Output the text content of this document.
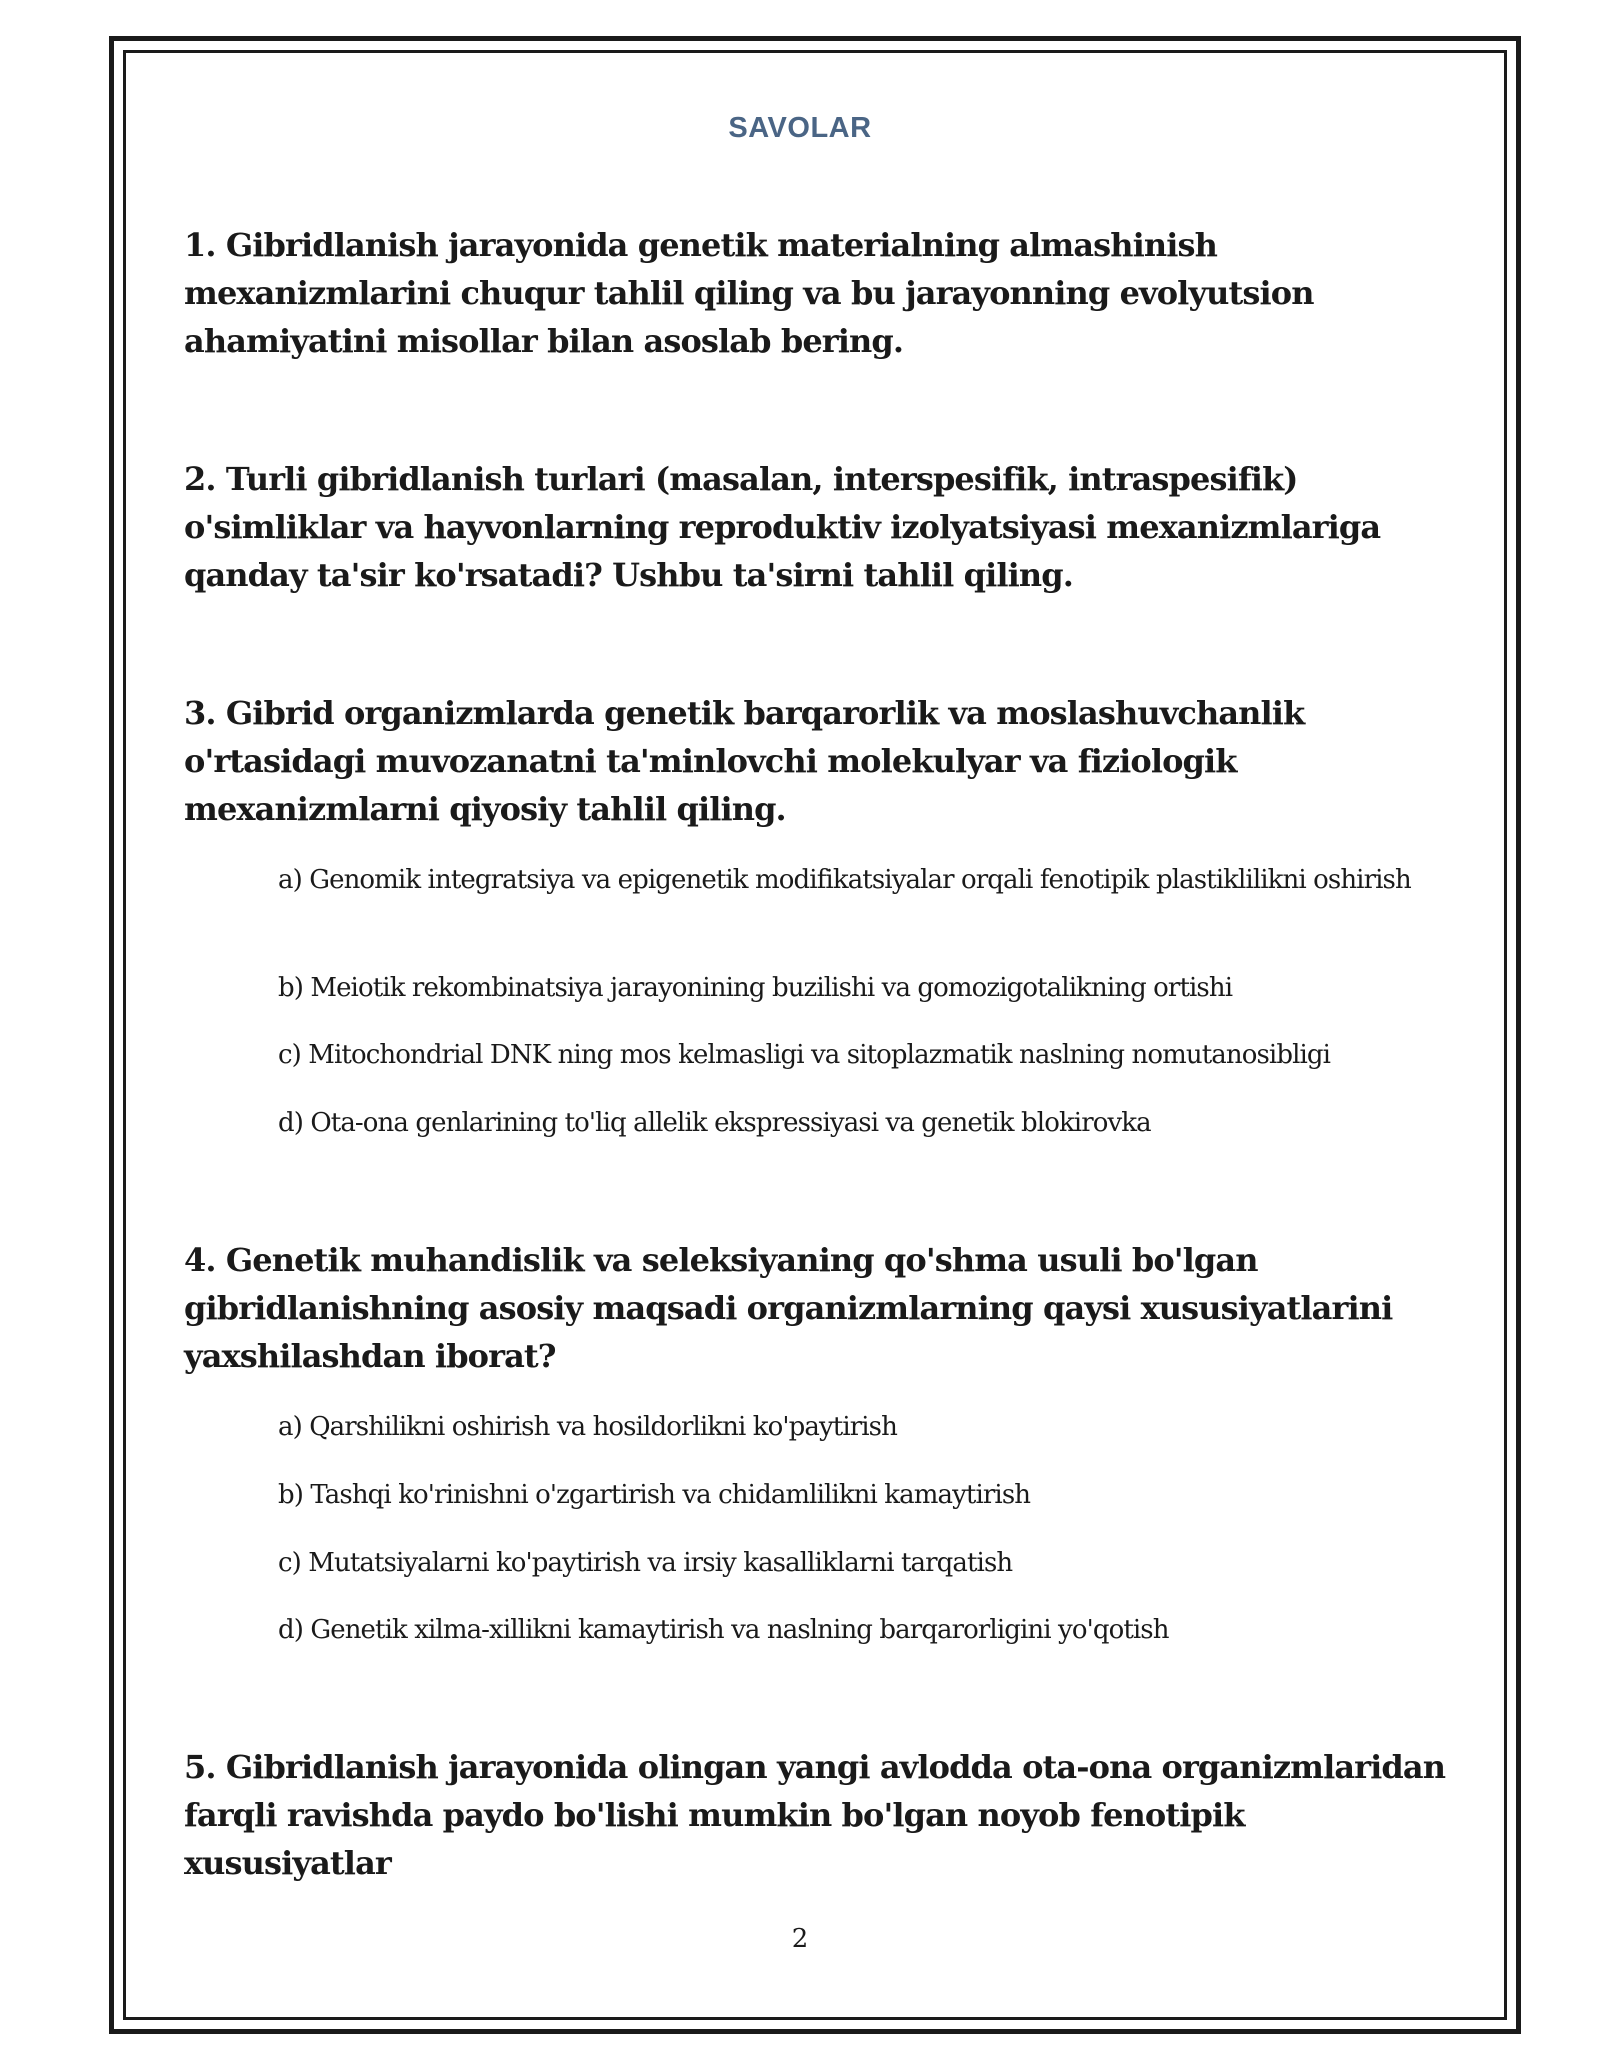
SAVOLAR
1. Gibridlanish jarayonida genetik materialning almashinish mexanizmlarini chuqur tahlil qiling va bu jarayonning evolyutsion ahamiyatini misollar bilan asoslab bering.
2. Turli gibridlanish turlari (masalan, interspesifik, intraspesifik) o'simliklar va hayvonlarning reproduktiv izolyatsiyasi mexanizmlariga qanday ta'sir ko'rsatadi? Ushbu ta'sirni tahlil qiling.
3. Gibrid organizmlarda genetik barqarorlik va moslashuvchanlik o'rtasidagi muvozanatni ta'minlovchi molekulyar va fiziologik mexanizmlarni qiyosiy tahlil qiling.
a) Genomik integratsiya va epigenetik modifikatsiyalar orqali fenotipik plastiklilikni oshirish
b) Meiotik rekombinatsiya jarayonining buzilishi va gomozigotalikning ortishi
c) Mitochondrial DNK ning mos kelmasligi va sitoplazmatik naslning nomutanosibligi
d) Ota-ona genlarining to'liq allelik ekspressiyasi va genetik blokirovka
4. Genetik muhandislik va seleksiyaning qo'shma usuli bo'lgan gibridlanishning asosiy maqsadi organizmlarning qaysi xususiyatlarini yaxshilashdan iborat?
a) Qarshilikni oshirish va hosildorlikni ko'paytirish
b) Tashqi ko'rinishni o'zgartirish va chidamlilikni kamaytirish
c) Mutatsiyalarni ko'paytirish va irsiy kasalliklarni tarqatish
d) Genetik xilma-xillikni kamaytirish va naslning barqarorligini yo'qotish
5. Gibridlanish jarayonida olingan yangi avlodda ota-ona organizmlaridan farqli ravishda paydo bo'lishi mumkin bo'lgan noyob fenotipik xususiyatlar
2
